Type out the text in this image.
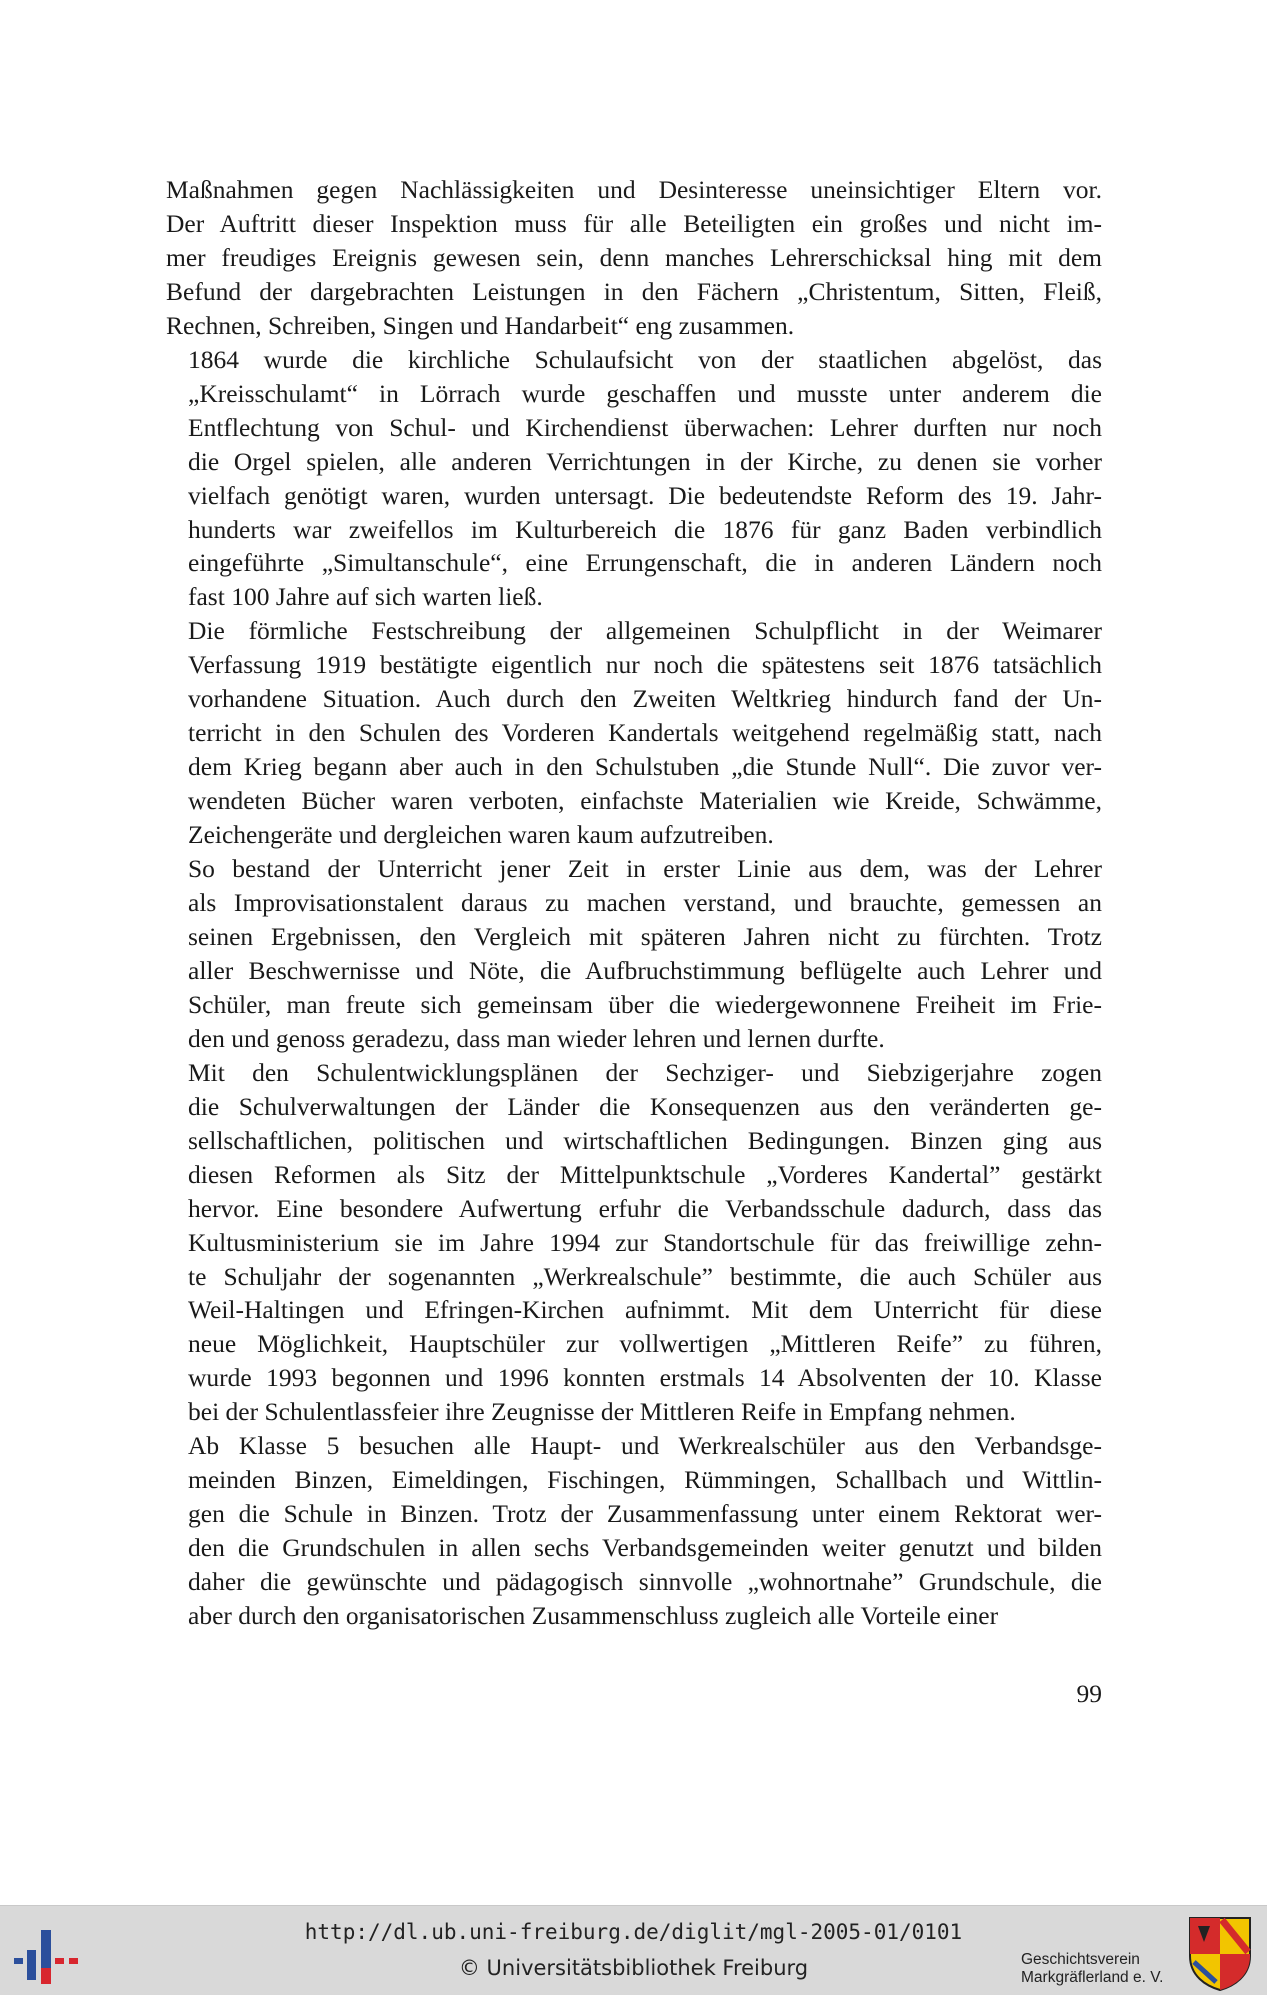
Maßnahmen gegen Nachlässigkeiten und Desinteresse uneinsichtiger Eltern vor.
Der Auftritt dieser Inspektion muss für alle Beteiligten ein großes und nicht im-
mer freudiges Ereignis gewesen sein, denn manches Lehrerschicksal hing mit dem
Befund der dargebrachten Leistungen in den Fächern „Christentum, Sitten, Fleiß,
Rechnen, Schreiben, Singen und Handarbeit“ eng zusammen.

1864 wurde die kirchliche Schulaufsicht von der staatlichen abgelöst, das
„Kreisschulamt“ in Lörrach wurde geschaffen und musste unter anderem die
Entflechtung von Schul- und Kirchendienst überwachen: Lehrer durften nur noch
die Orgel spielen, alle anderen Verrichtungen in der Kirche, zu denen sie vorher
vielfach genötigt waren, wurden untersagt. Die bedeutendste Reform des 19. Jahr-
hunderts war zweifellos im Kulturbereich die 1876 für ganz Baden verbindlich
eingeführte „Simultanschule“, eine Errungenschaft, die in anderen Ländern noch
fast 100 Jahre auf sich warten ließ.

Die förmliche Festschreibung der allgemeinen Schulpflicht in der Weimarer
Verfassung 1919 bestätigte eigentlich nur noch die spätestens seit 1876 tatsächlich
vorhandene Situation. Auch durch den Zweiten Weltkrieg hindurch fand der Un-
terricht in den Schulen des Vorderen Kandertals weitgehend regelmäßig statt, nach
dem Krieg begann aber auch in den Schulstuben „die Stunde Null“. Die zuvor ver-
wendeten Bücher waren verboten, einfachste Materialien wie Kreide, Schwämme,
Zeichengeräte und dergleichen waren kaum aufzutreiben.

So bestand der Unterricht jener Zeit in erster Linie aus dem, was der Lehrer
als Improvisationstalent daraus zu machen verstand, und brauchte, gemessen an
seinen Ergebnissen, den Vergleich mit späteren Jahren nicht zu fürchten. Trotz
aller Beschwernisse und Nöte, die Aufbruchstimmung beflügelte auch Lehrer und
Schüler, man freute sich gemeinsam über die wiedergewonnene Freiheit im Frie-
den und genoss geradezu, dass man wieder lehren und lernen durfte.

Mit den Schulentwicklungsplänen der Sechziger- und Siebzigerjahre zogen
die Schulverwaltungen der Länder die Konsequenzen aus den veränderten ge-
sellschaftlichen, politischen und wirtschaftlichen Bedingungen. Binzen ging aus
diesen Reformen als Sitz der Mittelpunktschule „Vorderes Kandertal” gestärkt
hervor. Eine besondere Aufwertung erfuhr die Verbandsschule dadurch, dass das
Kultusministerium sie im Jahre 1994 zur Standortschule für das freiwillige zehn-
te Schuljahr der sogenannten „Werkrealschule” bestimmte, die auch Schüler aus
Weil-Haltingen und Efringen-Kirchen aufnimmt. Mit dem Unterricht für diese
neue Möglichkeit, Hauptschüler zur vollwertigen „Mittleren Reife” zu führen,
wurde 1993 begonnen und 1996 konnten erstmals 14 Absolventen der 10. Klasse
bei der Schulentlassfeier ihre Zeugnisse der Mittleren Reife in Empfang nehmen.

Ab Klasse 5 besuchen alle Haupt- und Werkrealschüler aus den Verbandsge-
meinden Binzen, Eimeldingen, Fischingen, Rümmingen, Schallbach und Wittlin-
gen die Schule in Binzen. Trotz der Zusammenfassung unter einem Rektorat wer-
den die Grundschulen in allen sechs Verbandsgemeinden weiter genutzt und bilden
daher die gewünschte und pädagogisch sinnvolle „wohnortnahe” Grundschule, die
aber durch den organisatorischen Zusammenschluss zugleich alle Vorteile einer

99
http://dl.ub.uni-freiburg.de/diglit/mgl-2005-01/0101
© Universitätsbibliothek Freiburg	Geschichtsverein
Markgräflerland e. V.
